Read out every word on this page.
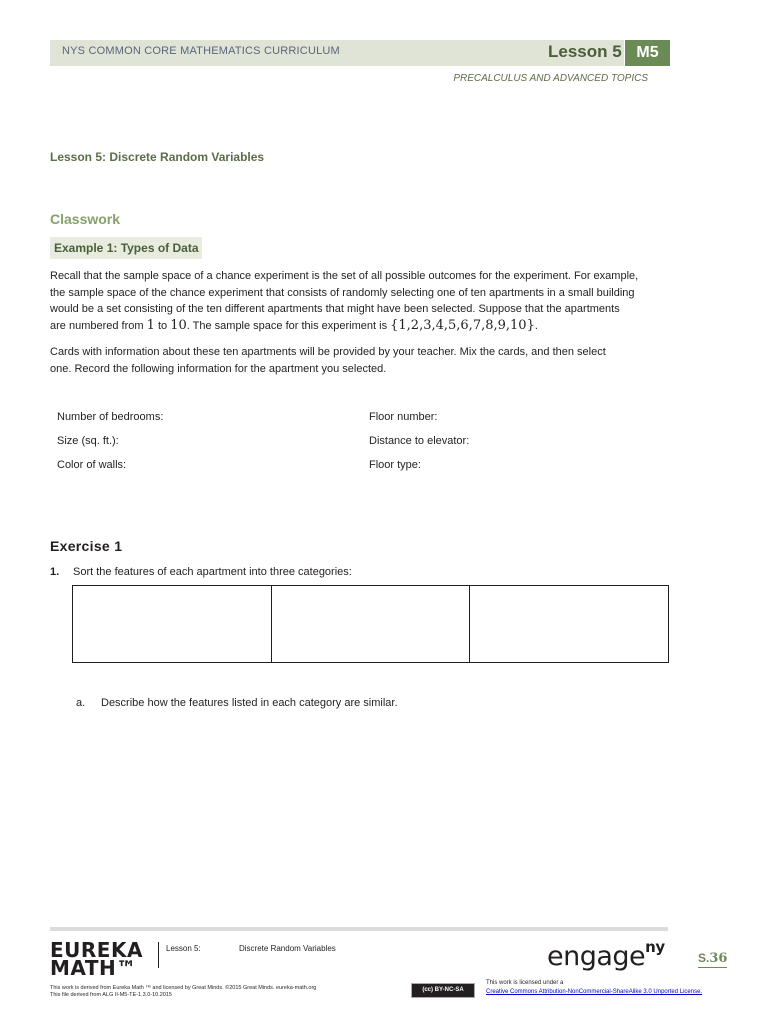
NYS COMMON CORE MATHEMATICS CURRICULUM	Lesson 5 M5
PRECALCULUS AND ADVANCED TOPICS
Lesson 5: Discrete Random Variables
Classwork
Example 1: Types of Data
Recall that the sample space of a chance experiment is the set of all possible outcomes for the experiment. For example,
the sample space of the chance experiment that consists of randomly selecting one of ten apartments in a small building
would be a set consisting of the ten different apartments that might have been selected. Suppose that the apartments
are numbered from 1 to 10. The sample space for this experiment is {1,2,3,4,5,6,7,8,9,10}.
Cards with information about these ten apartments will be provided by your teacher. Mix the cards, and then select
one. Record the following information for the apartment you selected.
Number of bedrooms:	Floor number:
Size (sq. ft.):	Distance to elevator:
Color of walls:	Floor type:
Exercise 1
1. Sort the features of each apartment into three categories:

a. Describe how the features listed in each category are similar.
EUREKA
MATH™
Lesson 5:	Discrete Random Variables	engage$^{ny}$
S.36
This work is derived from Eureka Math ™ and licensed by Great Minds. ©2015 Great Minds. eureka-math.org
This file derived from ALG II-M5-TE-1.3.0-10.2015
(cc) BY-NC-SA
This work is licensed under a
Creative Commons Attribution-NonCommercial-ShareAlike 3.0 Unported License.
